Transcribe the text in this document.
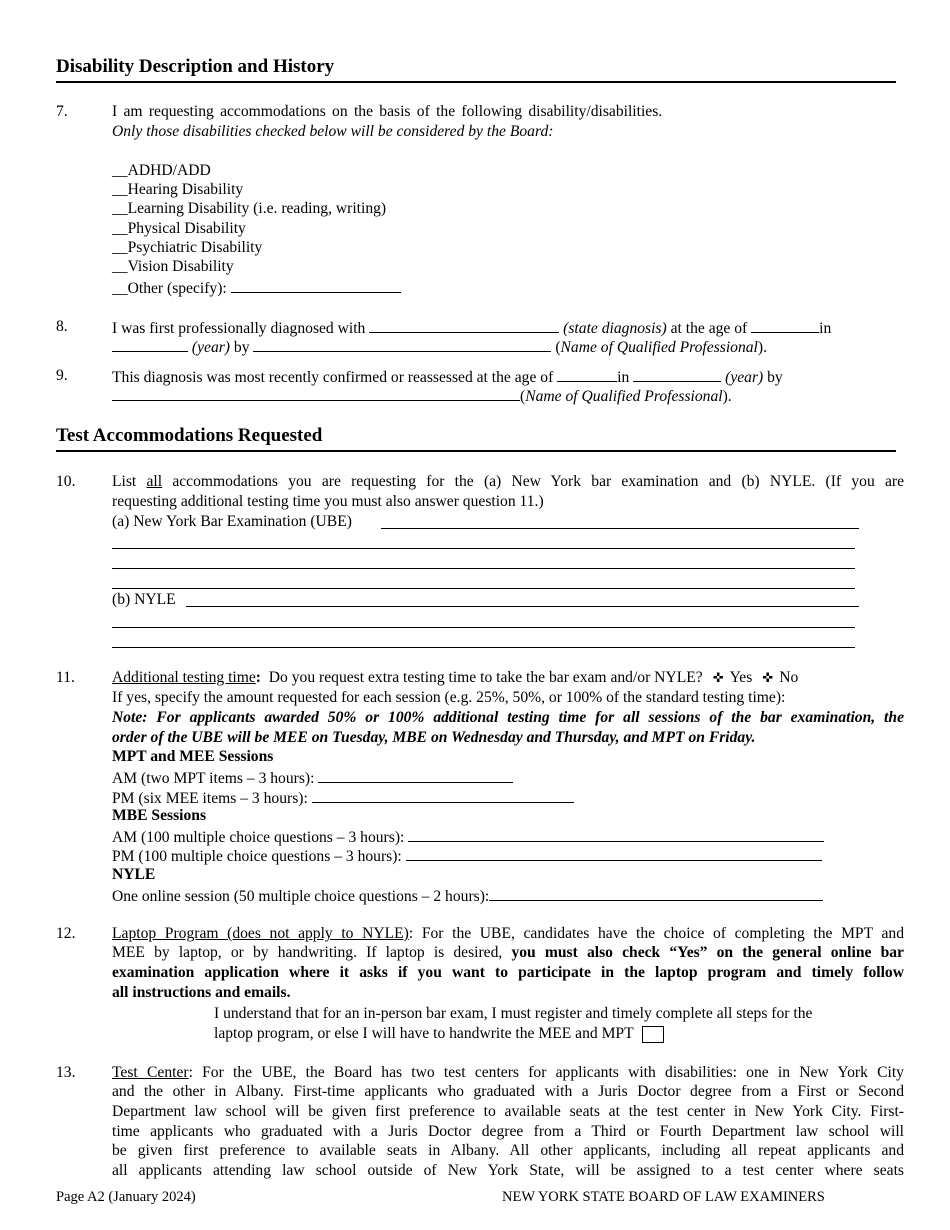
Disability Description and History
7.	I am requesting accommodations on the basis of the following disability/disabilities.
Only those disabilities checked below will be considered by the Board:
__ADHD/ADD
__Hearing Disability
__Learning Disability (i.e. reading, writing)
__Physical Disability
__Psychiatric Disability
__Vision Disability
__Other (specify):
8.	I was first professionally diagnosed with	(state diagnosis) at the age of	in
(year) by	(Name of Qualified Professional).
9.	This diagnosis was most recently confirmed or reassessed at the age of	in	(year) by
(Name of Qualified Professional).
Test Accommodations Requested
10.	List all accommodations you are requesting for the (a) New York bar examination and (b) NYLE. (If you are
requesting additional testing time you must also answer question 11.)
(a) New York Bar Examination (UBE)
(b) NYLE
11.	Additional testing time: Do you request extra testing time to take the bar exam and/or NYLE? ✜ Yes ✜ No
If yes, specify the amount requested for each session (e.g. 25%, 50%, or 100% of the standard testing time):
Note: For applicants awarded 50% or 100% additional testing time for all sessions of the bar examination, the
order of the UBE will be MEE on Tuesday, MBE on Wednesday and Thursday, and MPT on Friday.
MPT and MEE Sessions
AM (two MPT items – 3 hours):
PM (six MEE items – 3 hours):
MBE Sessions
AM (100 multiple choice questions – 3 hours):
PM (100 multiple choice questions – 3 hours):
NYLE
One online session (50 multiple choice questions – 2 hours):
12.	Laptop Program (does not apply to NYLE): For the UBE, candidates have the choice of completing the MPT and
MEE by laptop, or by handwriting. If laptop is desired, you must also check “Yes” on the general online bar
examination application where it asks if you want to participate in the laptop program and timely follow
all instructions and emails.
I understand that for an in-person bar exam, I must register and timely complete all steps for the
laptop program, or else I will have to handwrite the MEE and MPT
13.	Test Center: For the UBE, the Board has two test centers for applicants with disabilities: one in New York City
and the other in Albany. First-time applicants who graduated with a Juris Doctor degree from a First or Second
Department law school will be given first preference to available seats at the test center in New York City. First-
time applicants who graduated with a Juris Doctor degree from a Third or Fourth Department law school will
be given first preference to available seats in Albany. All other applicants, including all repeat applicants and
all applicants attending law school outside of New York State, will be assigned to a test center where seats
Page A2 (January 2024)	NEW YORK STATE BOARD OF LAW EXAMINERS
